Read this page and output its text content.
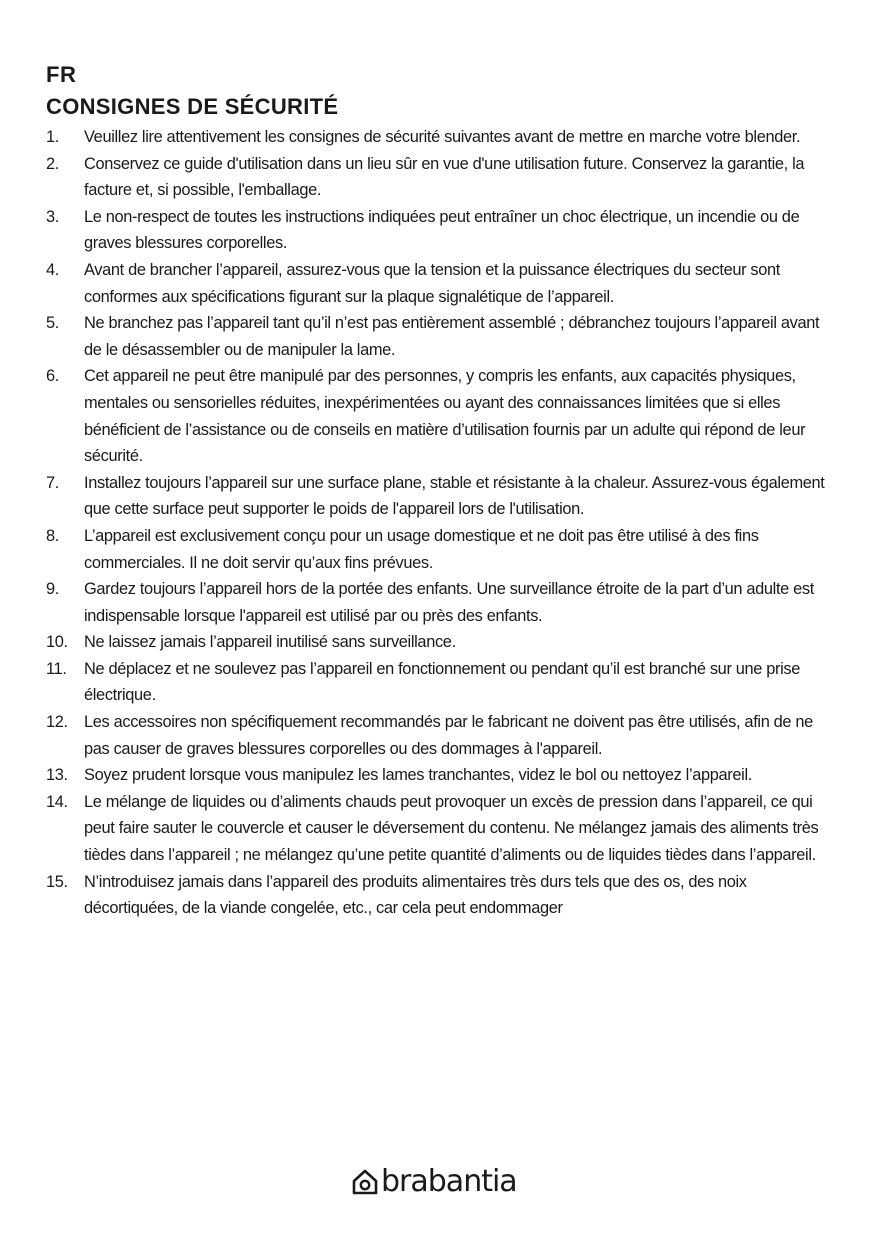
FR
CONSIGNES DE SÉCURITÉ
1.	Veuillez lire attentivement les consignes de sécurité suivantes avant de mettre en marche votre blender.
2.	Conservez ce guide d'utilisation dans un lieu sûr en vue d'une utilisation future. Conservez la garantie, la facture et, si possible, l'emballage.
3.	Le non-respect de toutes les instructions indiquées peut entraîner un choc électrique, un incendie ou de graves blessures corporelles.
4.	Avant de brancher l’appareil, assurez-vous que la tension et la puissance électriques du secteur sont conformes aux spécifications figurant sur la plaque signalétique de l’appareil.
5.	Ne branchez pas l’appareil tant qu’il n’est pas entièrement assemblé ; débranchez toujours l’appareil avant de le désassembler ou de manipuler la lame.
6.	Cet appareil ne peut être manipulé par des personnes, y compris les enfants, aux capacités physiques, mentales ou sensorielles réduites, inexpérimentées ou ayant des connaissances limitées que si elles bénéficient de l’assistance ou de conseils en matière d’utilisation fournis par un adulte qui répond de leur sécurité.
7.	Installez toujours l’appareil sur une surface plane, stable et résistante à la chaleur. Assurez-vous également que cette surface peut supporter le poids de l'appareil lors de l'utilisation.
8.	L’appareil est exclusivement conçu pour un usage domestique et ne doit pas être utilisé à des fins commerciales. Il ne doit servir qu’aux fins prévues.
9.	Gardez toujours l’appareil hors de la portée des enfants. Une surveillance étroite de la part d’un adulte est indispensable lorsque l'appareil est utilisé par ou près des enfants.
10. Ne laissez jamais l’appareil inutilisé sans surveillance.
11.	Ne déplacez et ne soulevez pas l’appareil en fonctionnement ou pendant qu’il est branché sur une prise électrique.
12. Les accessoires non spécifiquement recommandés par le fabricant ne doivent pas être utilisés, afin de ne pas causer de graves blessures corporelles ou des dommages à l'appareil.
13. Soyez prudent lorsque vous manipulez les lames tranchantes, videz le bol ou nettoyez l’appareil.
14. Le mélange de liquides ou d’aliments chauds peut provoquer un excès de pression dans l’appareil, ce qui peut faire sauter le couvercle et causer le déversement du contenu. Ne mélangez jamais des aliments très tièdes dans l’appareil ; ne mélangez qu’une petite quantité d’aliments ou de liquides tièdes dans l’appareil.
15. N’introduisez jamais dans l’appareil des produits alimentaires très durs tels que des os, des noix décortiquées, de la viande congelée, etc., car cela peut endommager
brabantia
